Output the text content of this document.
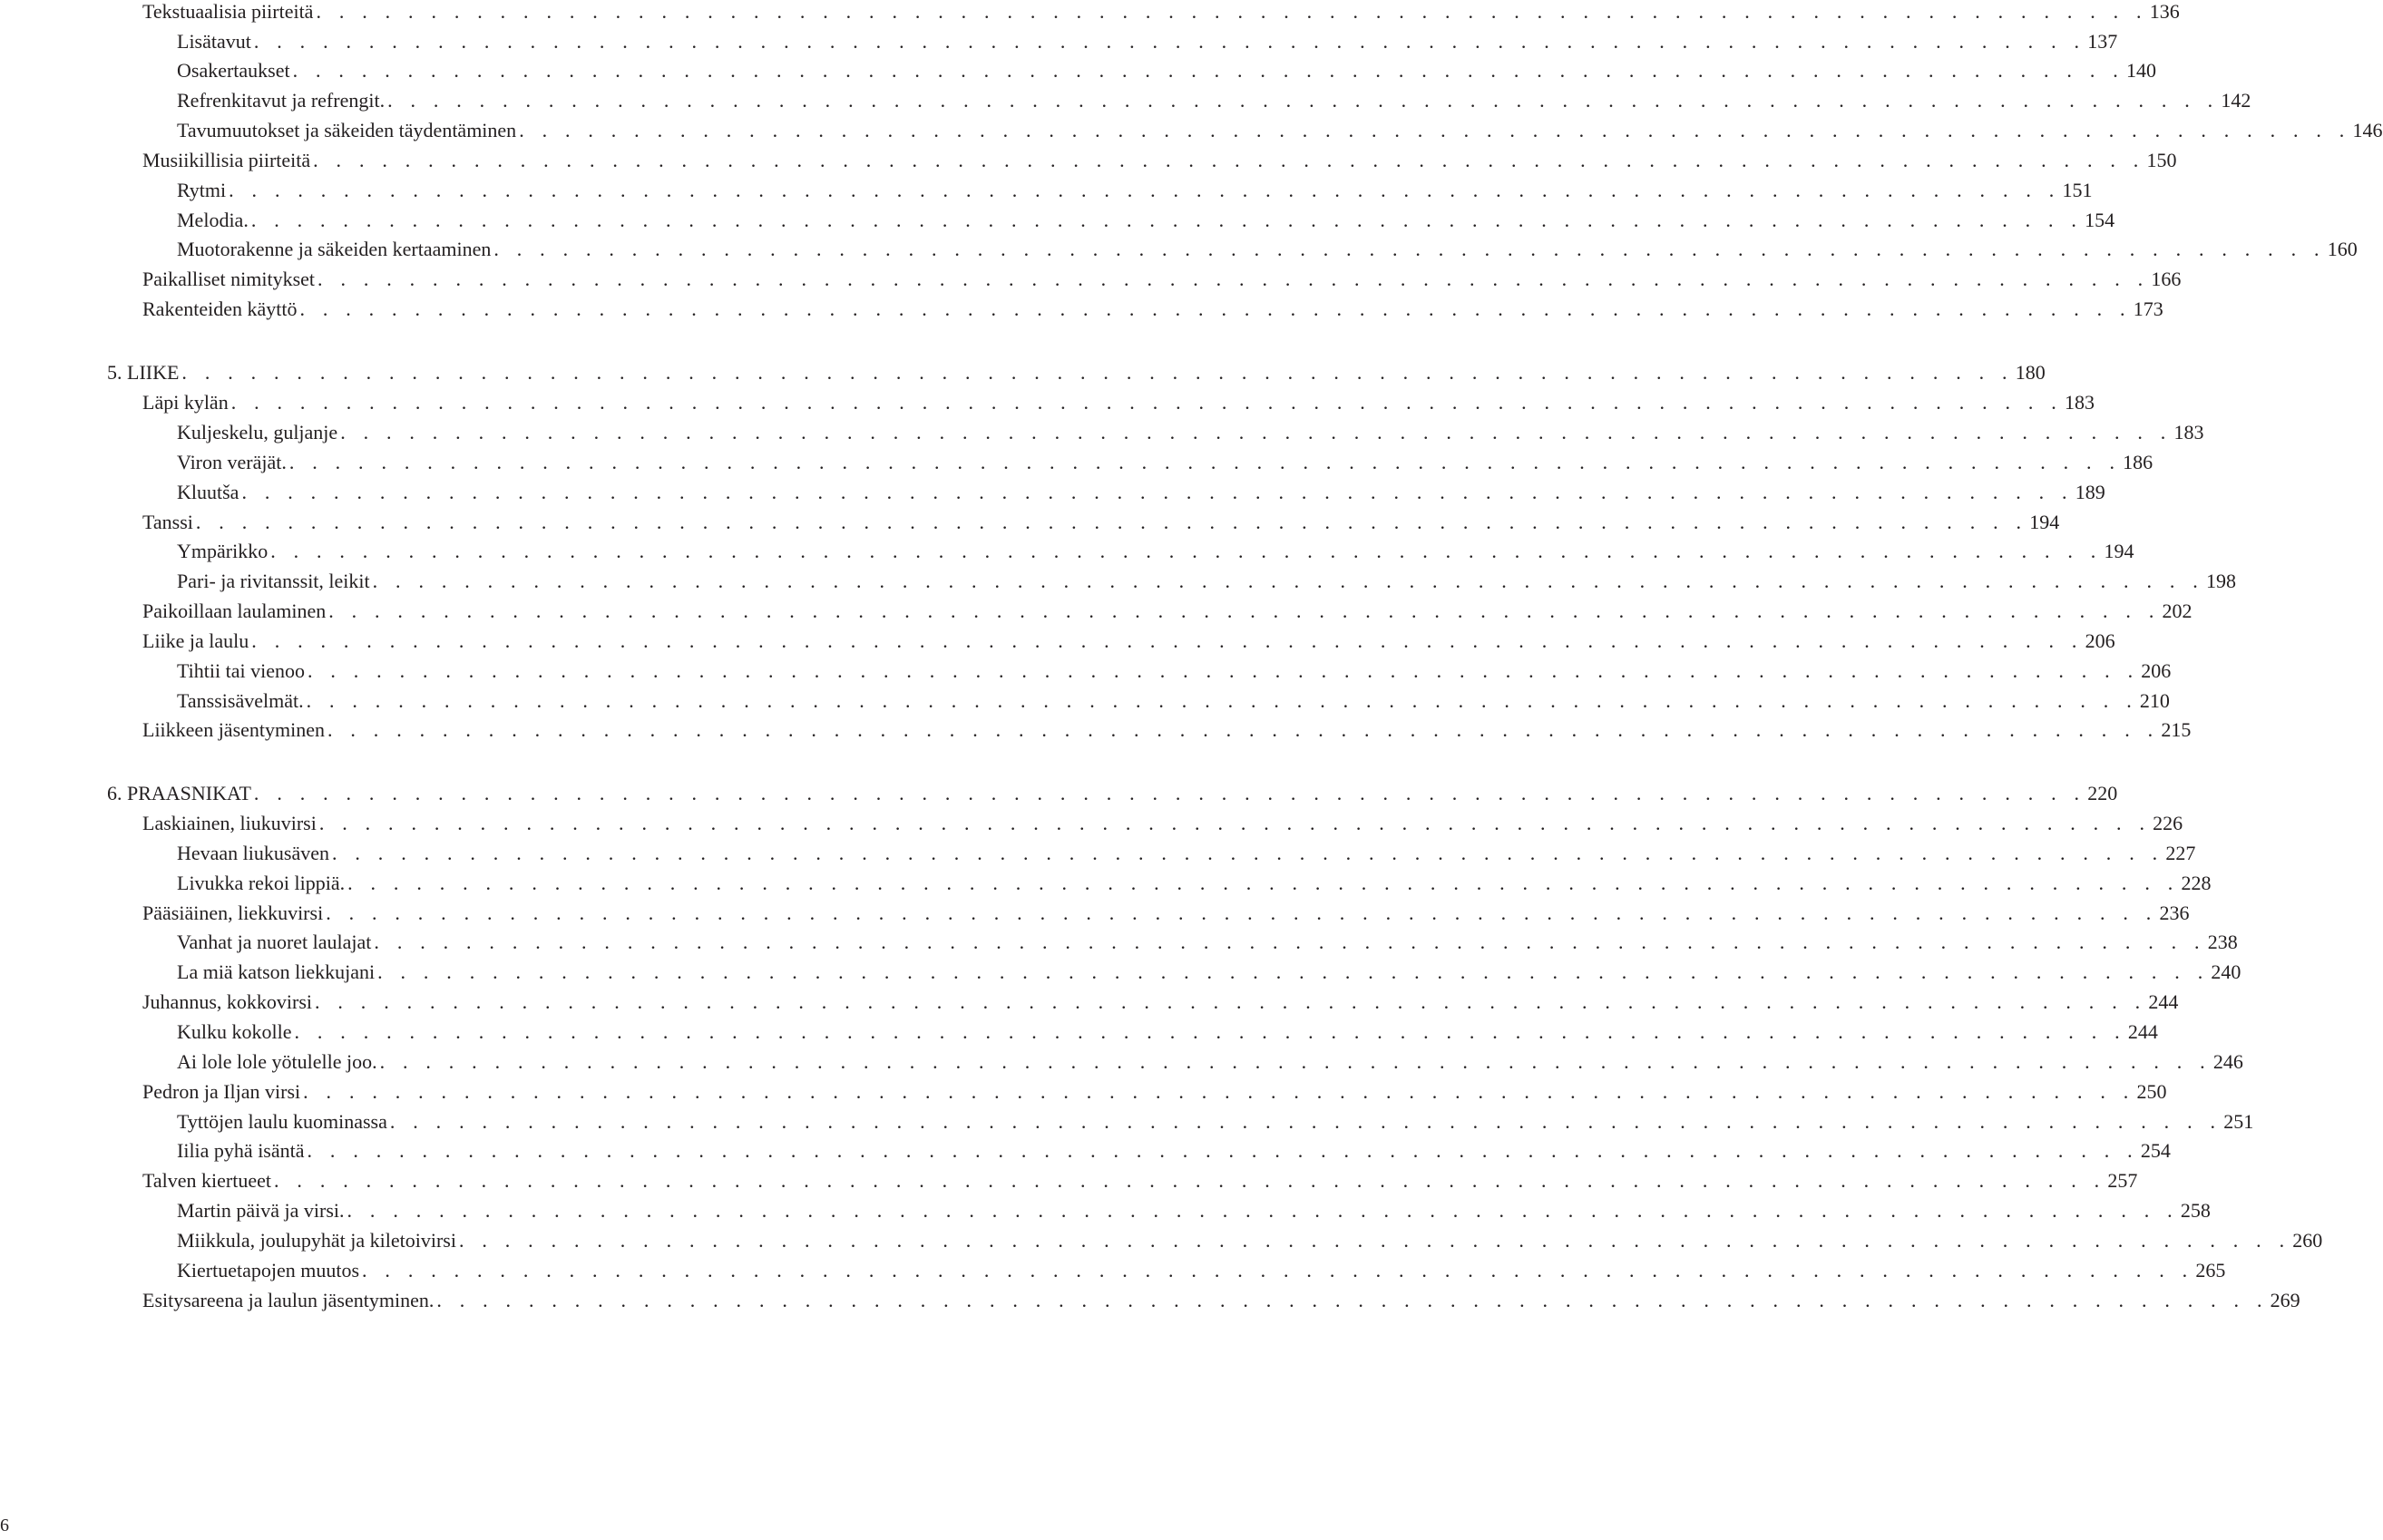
Tekstuaalisia piirteitä . . . . . . . . . . . . . . . . . . . . . . . . . . . . . . . . . . . . . . . . . . . . . . . . . . . . . . . . . . . . . . . . . . . . . . . . . . . . . . . . 136
Lisätavut . . . . . . . . . . . . . . . . . . . . . . . . . . . . . . . . . . . . . . . . . . . . . . . . . . . . . . . . . . . . . . . . . . . . . . . . . . . . . . . . 137
Osakertaukset . . . . . . . . . . . . . . . . . . . . . . . . . . . . . . . . . . . . . . . . . . . . . . . . . . . . . . . . . . . . . . . . . . . . . . . . . . . . . . . . 140
Refrenkitavut ja refrengit. . . . . . . . . . . . . . . . . . . . . . . . . . . . . . . . . . . . . . . . . . . . . . . . . . . . . . . . . . . . . . . . . . . . . . . . . . . . . . . . . 142
Tavumuutokset ja säkeiden täydentäminen . . . . . . . . . . . . . . . . . . . . . . . . . . . . . . . . . . . . . . . . . . . . . . . . . . . . . . . . . . . . . . . . . . . . . . . . . . . . . . . . 146
Musiikillisia piirteitä . . . . . . . . . . . . . . . . . . . . . . . . . . . . . . . . . . . . . . . . . . . . . . . . . . . . . . . . . . . . . . . . . . . . . . . . . . . . . . . . 150
Rytmi . . . . . . . . . . . . . . . . . . . . . . . . . . . . . . . . . . . . . . . . . . . . . . . . . . . . . . . . . . . . . . . . . . . . . . . . . . . . . . . . 151
Melodia. . . . . . . . . . . . . . . . . . . . . . . . . . . . . . . . . . . . . . . . . . . . . . . . . . . . . . . . . . . . . . . . . . . . . . . . . . . . . . . . . 154
Muotorakenne ja säkeiden kertaaminen . . . . . . . . . . . . . . . . . . . . . . . . . . . . . . . . . . . . . . . . . . . . . . . . . . . . . . . . . . . . . . . . . . . . . . . . . . . . . . . . 160
Paikalliset nimitykset . . . . . . . . . . . . . . . . . . . . . . . . . . . . . . . . . . . . . . . . . . . . . . . . . . . . . . . . . . . . . . . . . . . . . . . . . . . . . . . . 166
Rakenteiden käyttö . . . . . . . . . . . . . . . . . . . . . . . . . . . . . . . . . . . . . . . . . . . . . . . . . . . . . . . . . . . . . . . . . . . . . . . . . . . . . . . . 173
5. LIIKE . . . . . . . . . . . . . . . . . . . . . . . . . . . . . . . . . . . . . . . . . . . . . . . . . . . . . . . . . . . . . . . . . . . . . . . . . . . . . . . . 180
Läpi kylän . . . . . . . . . . . . . . . . . . . . . . . . . . . . . . . . . . . . . . . . . . . . . . . . . . . . . . . . . . . . . . . . . . . . . . . . . . . . . . . . 183
Kuljeskelu, guljanje . . . . . . . . . . . . . . . . . . . . . . . . . . . . . . . . . . . . . . . . . . . . . . . . . . . . . . . . . . . . . . . . . . . . . . . . . . . . . . . . 183
Viron veräjät. . . . . . . . . . . . . . . . . . . . . . . . . . . . . . . . . . . . . . . . . . . . . . . . . . . . . . . . . . . . . . . . . . . . . . . . . . . . . . . . . 186
Kluutša . . . . . . . . . . . . . . . . . . . . . . . . . . . . . . . . . . . . . . . . . . . . . . . . . . . . . . . . . . . . . . . . . . . . . . . . . . . . . . . . 189
Tanssi . . . . . . . . . . . . . . . . . . . . . . . . . . . . . . . . . . . . . . . . . . . . . . . . . . . . . . . . . . . . . . . . . . . . . . . . . . . . . . . . 194
Ympärikko . . . . . . . . . . . . . . . . . . . . . . . . . . . . . . . . . . . . . . . . . . . . . . . . . . . . . . . . . . . . . . . . . . . . . . . . . . . . . . . . 194
Pari- ja rivitanssit, leikit . . . . . . . . . . . . . . . . . . . . . . . . . . . . . . . . . . . . . . . . . . . . . . . . . . . . . . . . . . . . . . . . . . . . . . . . . . . . . . . . 198
Paikoillaan laulaminen . . . . . . . . . . . . . . . . . . . . . . . . . . . . . . . . . . . . . . . . . . . . . . . . . . . . . . . . . . . . . . . . . . . . . . . . . . . . . . . . 202
Liike ja laulu . . . . . . . . . . . . . . . . . . . . . . . . . . . . . . . . . . . . . . . . . . . . . . . . . . . . . . . . . . . . . . . . . . . . . . . . . . . . . . . . 206
Tihtii tai vienoo . . . . . . . . . . . . . . . . . . . . . . . . . . . . . . . . . . . . . . . . . . . . . . . . . . . . . . . . . . . . . . . . . . . . . . . . . . . . . . . . 206
Tanssisävelmät. . . . . . . . . . . . . . . . . . . . . . . . . . . . . . . . . . . . . . . . . . . . . . . . . . . . . . . . . . . . . . . . . . . . . . . . . . . . . . . . . 210
Liikkeen jäsentyminen . . . . . . . . . . . . . . . . . . . . . . . . . . . . . . . . . . . . . . . . . . . . . . . . . . . . . . . . . . . . . . . . . . . . . . . . . . . . . . . . 215
6. PRAASNIKAT . . . . . . . . . . . . . . . . . . . . . . . . . . . . . . . . . . . . . . . . . . . . . . . . . . . . . . . . . . . . . . . . . . . . . . . . . . . . . . . . 220
Laskiainen, liukuvirsi . . . . . . . . . . . . . . . . . . . . . . . . . . . . . . . . . . . . . . . . . . . . . . . . . . . . . . . . . . . . . . . . . . . . . . . . . . . . . . . . 226
Hevaan liukusäven . . . . . . . . . . . . . . . . . . . . . . . . . . . . . . . . . . . . . . . . . . . . . . . . . . . . . . . . . . . . . . . . . . . . . . . . . . . . . . . . 227
Livukka rekoi lippiä. . . . . . . . . . . . . . . . . . . . . . . . . . . . . . . . . . . . . . . . . . . . . . . . . . . . . . . . . . . . . . . . . . . . . . . . . . . . . . . . . 228
Pääsiäinen, liekkuvirsi . . . . . . . . . . . . . . . . . . . . . . . . . . . . . . . . . . . . . . . . . . . . . . . . . . . . . . . . . . . . . . . . . . . . . . . . . . . . . . . . 236
Vanhat ja nuoret laulajat . . . . . . . . . . . . . . . . . . . . . . . . . . . . . . . . . . . . . . . . . . . . . . . . . . . . . . . . . . . . . . . . . . . . . . . . . . . . . . . . 238
La miä katson liekkujani . . . . . . . . . . . . . . . . . . . . . . . . . . . . . . . . . . . . . . . . . . . . . . . . . . . . . . . . . . . . . . . . . . . . . . . . . . . . . . . . 240
Juhannus, kokkovirsi . . . . . . . . . . . . . . . . . . . . . . . . . . . . . . . . . . . . . . . . . . . . . . . . . . . . . . . . . . . . . . . . . . . . . . . . . . . . . . . . 244
Kulku kokolle . . . . . . . . . . . . . . . . . . . . . . . . . . . . . . . . . . . . . . . . . . . . . . . . . . . . . . . . . . . . . . . . . . . . . . . . . . . . . . . . 244
Ai lole lole yötulelle joo. . . . . . . . . . . . . . . . . . . . . . . . . . . . . . . . . . . . . . . . . . . . . . . . . . . . . . . . . . . . . . . . . . . . . . . . . . . . . . . . . 246
Pedron ja Iljan virsi . . . . . . . . . . . . . . . . . . . . . . . . . . . . . . . . . . . . . . . . . . . . . . . . . . . . . . . . . . . . . . . . . . . . . . . . . . . . . . . . 250
Tyttöjen laulu kuominassa . . . . . . . . . . . . . . . . . . . . . . . . . . . . . . . . . . . . . . . . . . . . . . . . . . . . . . . . . . . . . . . . . . . . . . . . . . . . . . . . 251
Iilia pyhä isäntä . . . . . . . . . . . . . . . . . . . . . . . . . . . . . . . . . . . . . . . . . . . . . . . . . . . . . . . . . . . . . . . . . . . . . . . . . . . . . . . . 254
Talven kiertueet . . . . . . . . . . . . . . . . . . . . . . . . . . . . . . . . . . . . . . . . . . . . . . . . . . . . . . . . . . . . . . . . . . . . . . . . . . . . . . . . 257
Martin päivä ja virsi. . . . . . . . . . . . . . . . . . . . . . . . . . . . . . . . . . . . . . . . . . . . . . . . . . . . . . . . . . . . . . . . . . . . . . . . . . . . . . . . . 258
Miikkula, joulupyhät ja kiletoivirsi . . . . . . . . . . . . . . . . . . . . . . . . . . . . . . . . . . . . . . . . . . . . . . . . . . . . . . . . . . . . . . . . . . . . . . . . . . . . . . . . 260
Kiertuetapojen muutos . . . . . . . . . . . . . . . . . . . . . . . . . . . . . . . . . . . . . . . . . . . . . . . . . . . . . . . . . . . . . . . . . . . . . . . . . . . . . . . . 265
Esitysareena ja laulun jäsentyminen. . . . . . . . . . . . . . . . . . . . . . . . . . . . . . . . . . . . . . . . . . . . . . . . . . . . . . . . . . . . . . . . . . . . . . . . . . . . . . . . . 269
6
